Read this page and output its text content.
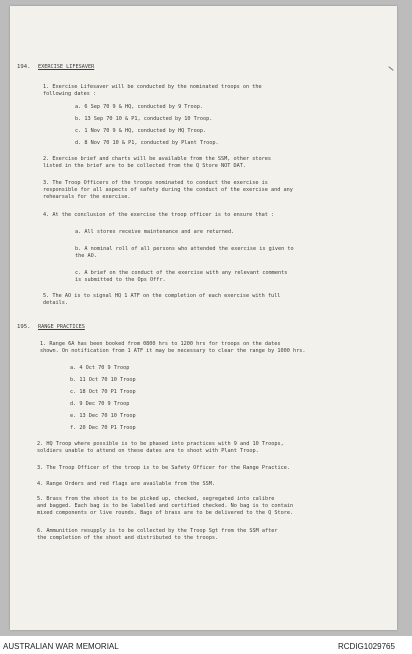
194. EXERCISE LIFESAVER
1. Exercise Lifesaver will be conducted by the nominated troops on the
following dates :
a. 6 Sep 70 9 & HQ, conducted by 9 Troop.
b. 13 Sep 70 10 & P1, conducted by 10 Troop.
c. 1 Nov 70 9 & HQ, conducted by HQ Troop.
d. 8 Nov 70 10 & P1, conducted by Plant Troop.
2. Exercise brief and charts will be available from the SSM, other stores
listed in the brief are to be collected from the Q Store NOT DAT.
3. The Troop Officers of the troops nominated to conduct the exercise is
responsible for all aspects of safety during the conduct of the exercise and any
rehearsals for the exercise.
4. At the conclusion of the exercise the troop officer is to ensure that :
a. All stores receive maintenance and are returned.
b. A nominal roll of all persons who attended the exercise is given to
the AO.
c. A brief on the conduct of the exercise with any relevant comments
is submitted to the Ops Offr.
5. The AO is to signal HQ 1 ATF on the completion of each exercise with full
details.
195. RANGE PRACTICES
1. Range 6A has been booked from 0800 hrs to 1200 hrs for troops on the dates
shown. On notification from 1 ATF it may be necessary to clear the range by 1000 hrs.
a. 4 Oct 70 9 Troop
b. 11 Oct 70 10 Troop
c. 18 Oct 70 P1 Troop
d. 9 Dec 70 9 Troop
e. 13 Dec 70 10 Troop
f. 20 Dec 70 P1 Troop
2. HQ Troop where possible is to be phased into practices with 9 and 10 Troops,
soldiers unable to attend on these dates are to shoot with Plant Troop.
3. The Troop Officer of the troop is to be Safety Officer for the Range Practice.
4. Range Orders and red flags are available from the SSM.
5. Brass from the shoot is to be picked up, checked, segregated into calibre
and bagged. Each bag is to be labelled and certified checked. No bag is to contain
mixed components or live rounds. Bags of brass are to be delivered to the Q Store.
6. Ammunition resupply is to be collected by the Troop Sgt from the SSM after
the completion of the shoot and distributed to the troops.
AUSTRALIAN WAR MEMORIAL	RCDIG1029765
